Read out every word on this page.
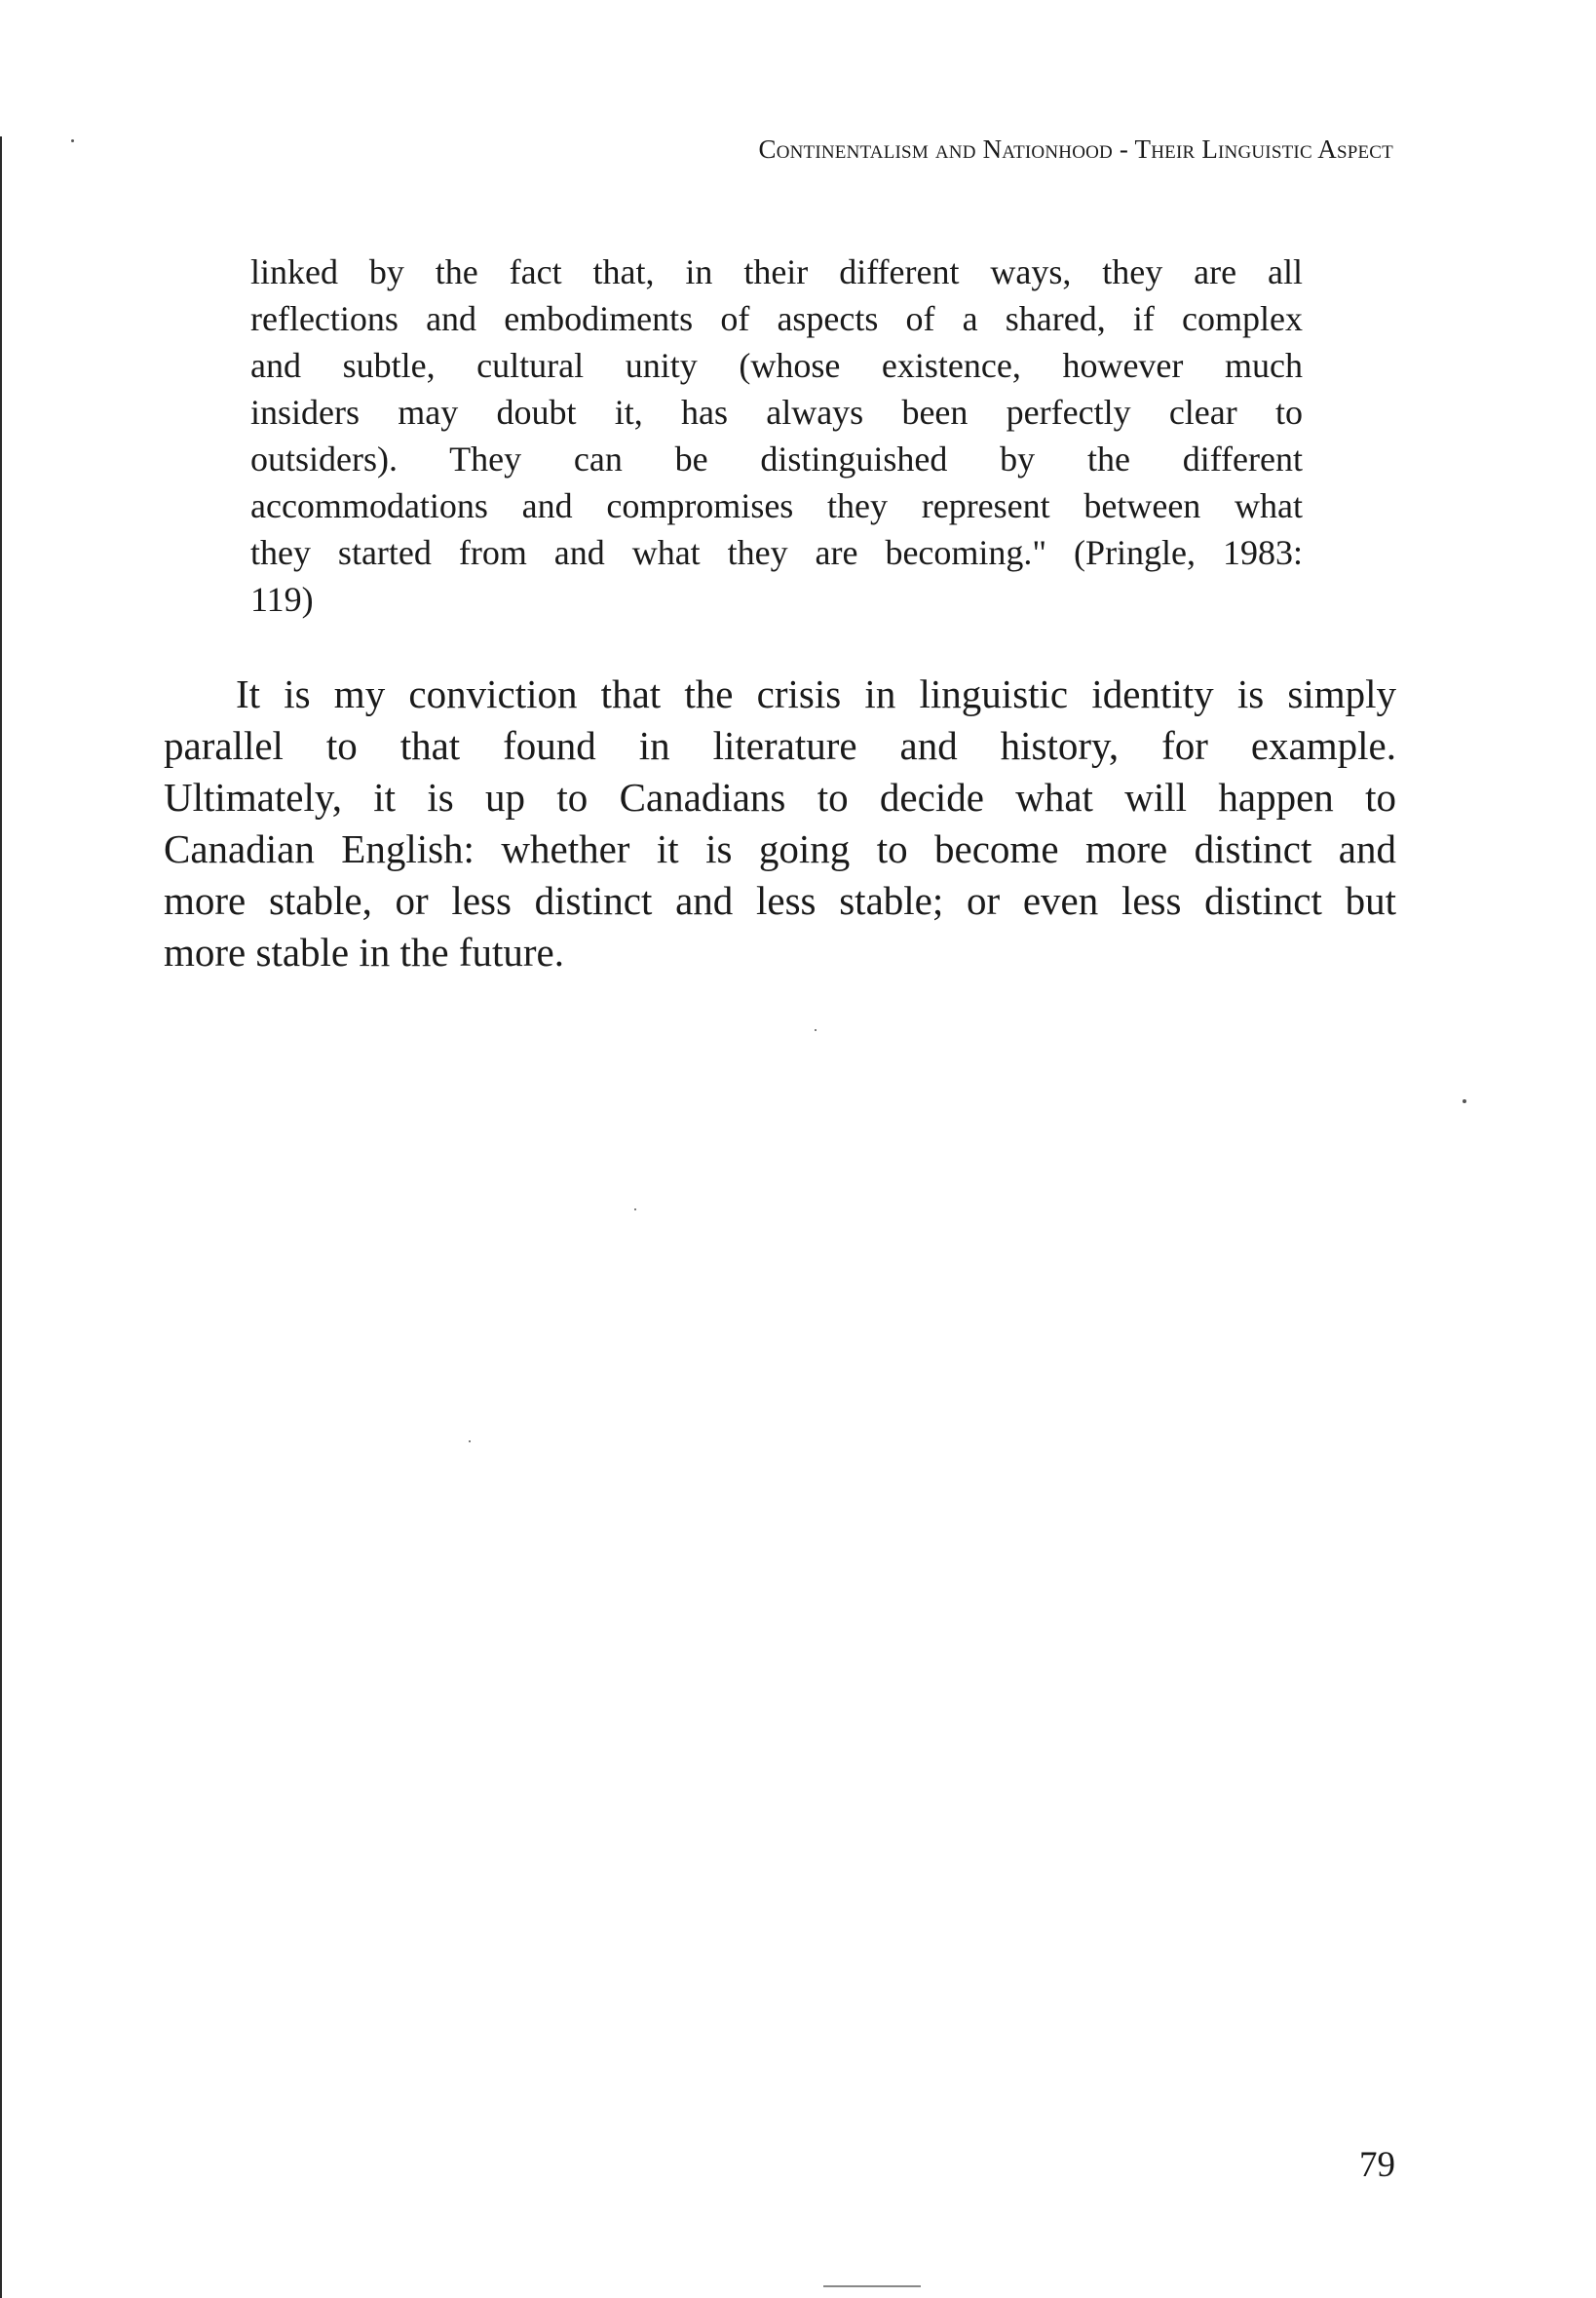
Continentalism and Nationhood - Their Linguistic Aspect
linked by the fact that, in their different ways, they are all
reflections and embodiments of aspects of a shared, if complex
and subtle, cultural unity (whose existence, however much
insiders may doubt it, has always been perfectly clear to
outsiders). They can be distinguished by the different
accommodations and compromises they represent between what
they started from and what they are becoming." (Pringle, 1983:
119)
It is my conviction that the crisis in linguistic identity is simply
parallel to that found in literature and history, for example.
Ultimately, it is up to Canadians to decide what will happen to
Canadian English: whether it is going to become more distinct and
more stable, or less distinct and less stable; or even less distinct but
more stable in the future.
79
